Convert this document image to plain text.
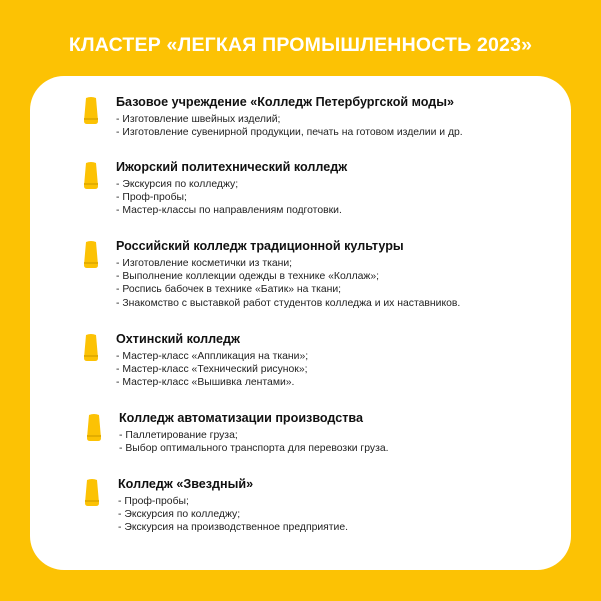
КЛАСТЕР «ЛЕГКАЯ ПРОМЫШЛЕННОСТЬ 2023»
Базовое учреждение «Колледж Петербургской моды»
- Изготовление швейных изделий;
- Изготовление сувенирной продукции, печать на готовом изделии и др.
Ижорский политехнический колледж
- Экскурсия по колледжу;
- Проф-пробы;
- Мастер-классы по направлениям подготовки.
Российский колледж традиционной культуры
- Изготовление косметички из ткани;
- Выполнение коллекции одежды в технике «Коллаж»;
- Роспись бабочек в технике «Батик» на ткани;
- Знакомство с выставкой работ студентов колледжа и их наставников.
Охтинский колледж
- Мастер-класс «Аппликация на ткани»;
- Мастер-класс «Технический рисунок»;
- Мастер-класс «Вышивка лентами».
Колледж автоматизации производства
- Паллетирование груза;
- Выбор оптимального транспорта для перевозки груза.
Колледж «Звездный»
- Проф-пробы;
- Экскурсия по колледжу;
- Экскурсия на производственное предприятие.
